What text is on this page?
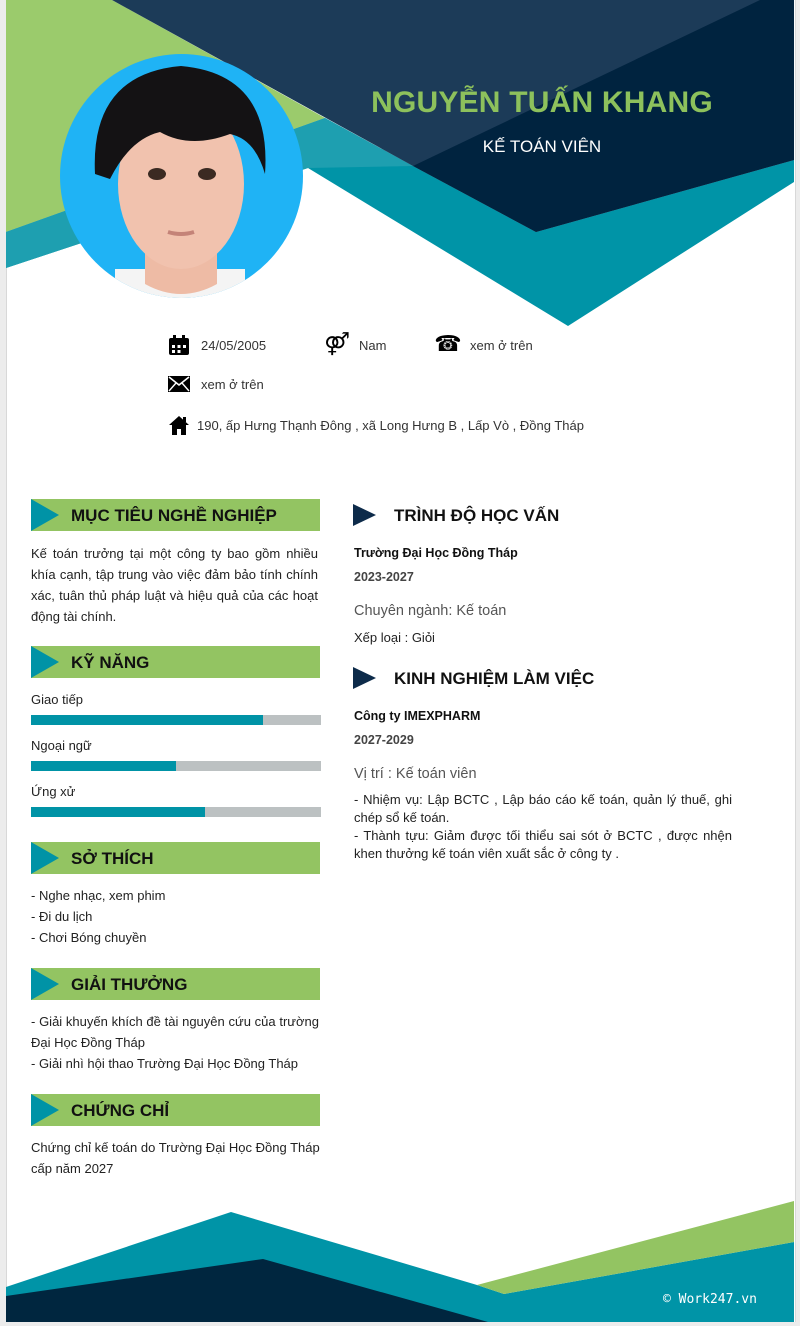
NGUYỄN TUẤN KHANG
KẾ TOÁN VIÊN
24/05/2005	⚤ Nam ☎ xem ở trên
xem ở trên
190, ấp Hưng Thạnh Đông , xã Long Hưng B , Lấp Vò , Đồng Tháp
MỤC TIÊU NGHỀ NGHIỆP
Kế toán trưởng tại một công ty bao gồm nhiều khía cạnh, tập trung vào việc đảm bảo tính chính xác, tuân thủ pháp luật và hiệu quả của các hoạt động tài chính.
KỸ NĂNG
Giao tiếp
Ngoại ngữ
Ứng xử
SỞ THÍCH
- Nghe nhạc, xem phim
- Đi du lịch
- Chơi Bóng chuyền
GIẢI THƯỞNG
- Giải khuyến khích đề tài nguyên cứu của trường Đại Học Đồng Tháp
- Giải nhì hội thao Trường Đại Học Đồng Tháp
CHỨNG CHỈ
Chứng chỉ kế toán do Trường Đại Học Đồng Tháp cấp năm 2027
TRÌNH ĐỘ HỌC VẤN
Trường Đại Học Đồng Tháp
2023-2027
Chuyên ngành: Kế toán
Xếp loại : Giỏi
KINH NGHIỆM LÀM VIỆC
Công ty IMEXPHARM
2027-2029
Vị trí : Kế toán viên
- Nhiệm vụ: Lập BCTC , Lập báo cáo kế toán, quản lý thuế, ghi chép sổ kế toán.
- Thành tựu: Giảm được tối thiểu sai sót ở BCTC , được nhện khen thưởng kế toán viên xuất sắc ở công ty .
© Work247.vn
